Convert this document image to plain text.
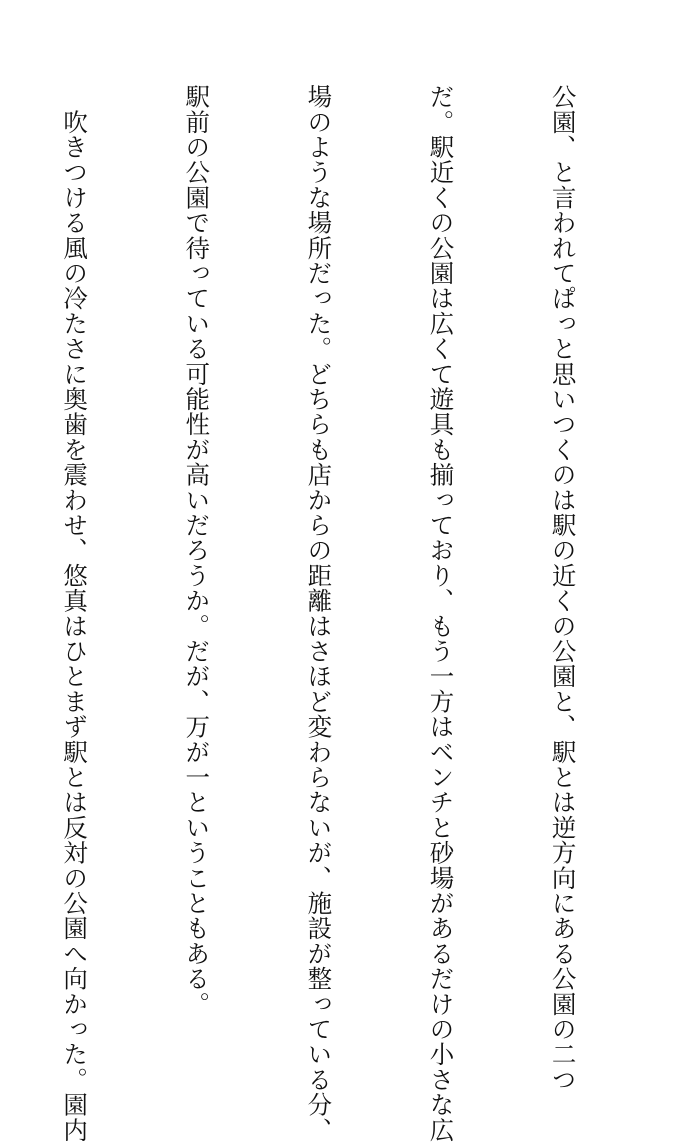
公園、と言われてぱっと思いつくのは駅の近くの公園と、駅とは逆方向にある公園の二つ

だ。駅近くの公園は広くて遊具も揃っており、もう一方はベンチと砂場があるだけの小さな広

場のような場所だった。どちらも店からの距離はさほど変わらないが、施設が整っている分、

駅前の公園で待っている可能性が高いだろうか。だが、万が一ということもある。

　吹きつける風の冷たさに奥歯を震わせ、悠真はひとまず駅とは反対の公園へ向かった。園内
